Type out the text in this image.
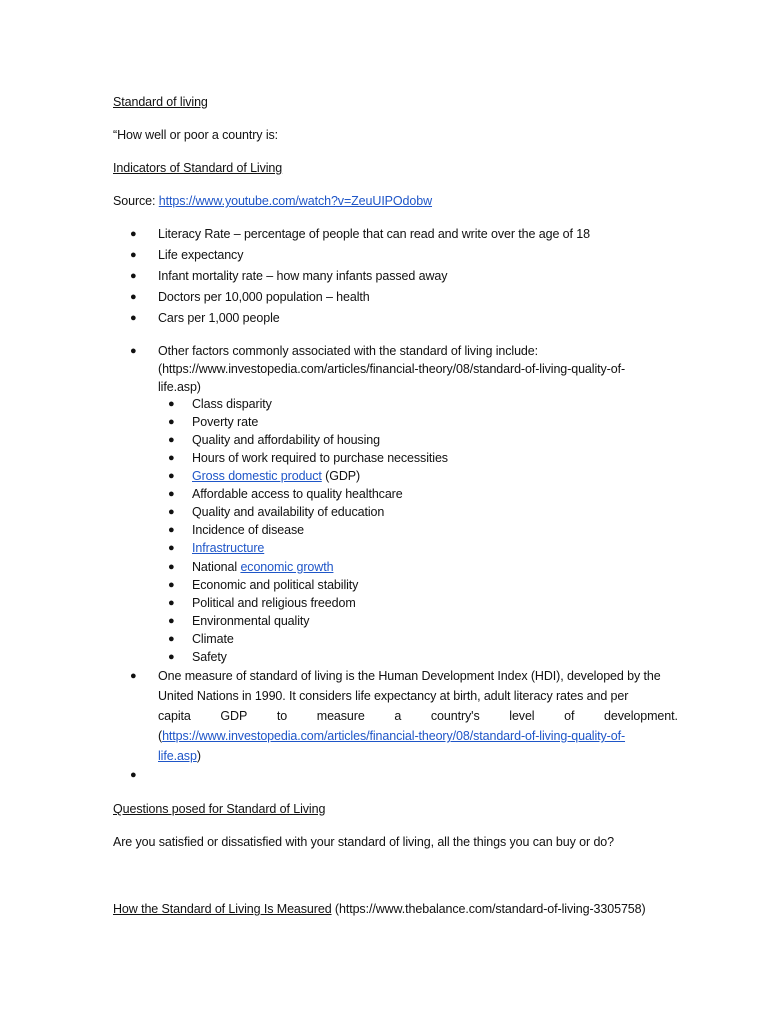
Standard of living
“How well or poor a country is:
Indicators of Standard of Living
Source: https://www.youtube.com/watch?v=ZeuUIPOdobw
●	Literacy Rate – percentage of people that can read and write over the age of 18
●	Life expectancy
●	Infant mortality rate – how many infants passed away
●	Doctors per 10,000 population – health
●	Cars per 1,000 people
●	Other factors commonly associated with the standard of living include:
(https://www.investopedia.com/articles/financial-theory/08/standard-of-living-quality-of-
life.asp)
●	Class disparity
●	Poverty rate
●	Quality and affordability of housing
●	Hours of work required to purchase necessities
●	Gross domestic product (GDP)
●	Affordable access to quality healthcare
●	Quality and availability of education
●	Incidence of disease
●	Infrastructure
●	National economic growth
●	Economic and political stability
●	Political and religious freedom
●	Environmental quality
●	Climate
●	Safety
●	One measure of standard of living is the Human Development Index (HDI), developed by the
United Nations in 1990. It considers life expectancy at birth, adult literacy rates and per
capita GDP to measure a country's level of development.
(https://www.investopedia.com/articles/financial-theory/08/standard-of-living-quality-of-
life.asp)
●
Questions posed for Standard of Living
Are you satisfied or dissatisfied with your standard of living, all the things you can buy or do?
How the Standard of Living Is Measured (https://www.thebalance.com/standard-of-living-3305758)
